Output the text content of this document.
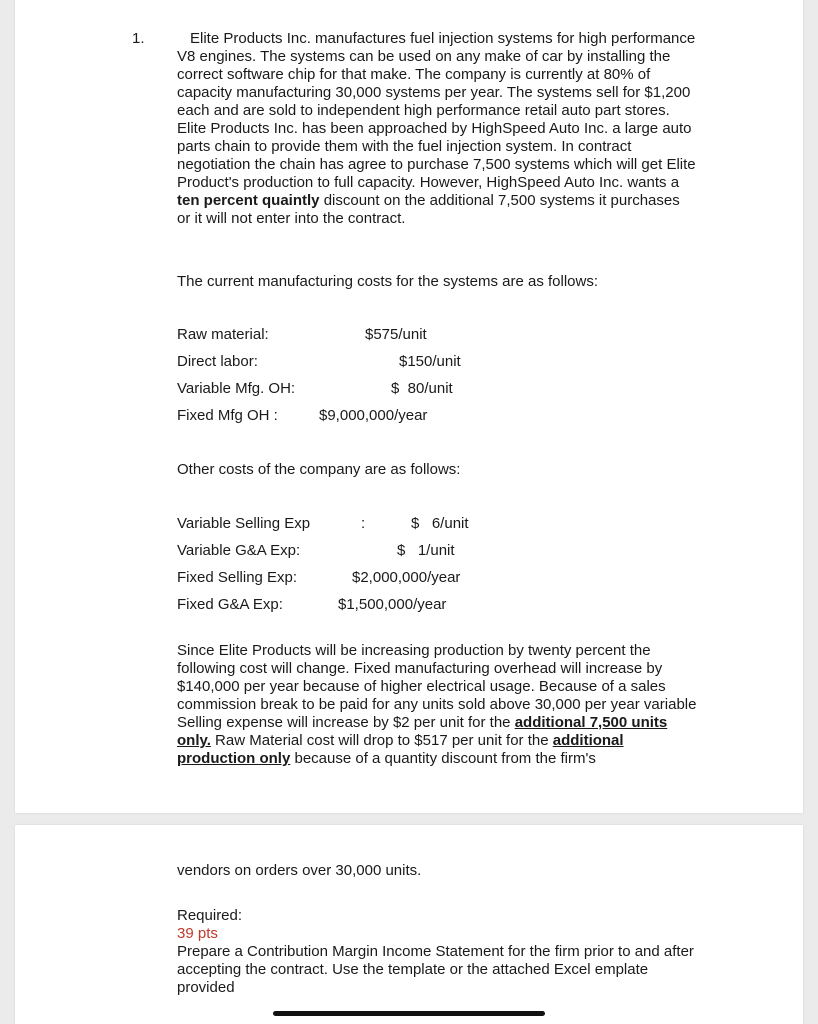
1.	Elite Products Inc. manufactures fuel injection systems for high performance V8 engines. The systems can be used on any make of car by installing the correct software chip for that make. The company is currently at 80% of capacity manufacturing 30,000 systems per year. The systems sell for $1,200 each and are sold to independent high performance retail auto part stores. Elite Products Inc. has been approached by HighSpeed Auto Inc. a large auto parts chain to provide them with the fuel injection system. In contract negotiation the chain has agree to purchase 7,500 systems which will get Elite Product's production to full capacity. However, HighSpeed Auto Inc. wants a ten percent quaintly discount on the additional 7,500 systems it purchases or it will not enter into the contract.

The current manufacturing costs for the systems are as follows:

Raw material:	$575/unit
Direct labor:	$150/unit
Variable Mfg. OH:	$  80/unit
Fixed Mfg OH :	$9,000,000/year

Other costs of the company are as follows:

Variable Selling Exp	:	$   6/unit
Variable G&A Exp:	$   1/unit
Fixed Selling Exp:	$2,000,000/year
Fixed G&A Exp:	$1,500,000/year

Since Elite Products will be increasing production by twenty percent the following cost will change. Fixed manufacturing overhead will increase by $140,000 per year because of higher electrical usage. Because of a sales commission break to be paid for any units sold above 30,000 per year variable Selling expense will increase by $2 per unit for the additional 7,500 units only. Raw Material cost will drop to $517 per unit for the additional production only because of a quantity discount from the firm's

vendors on orders over 30,000 units.

Required:
39 pts
Prepare a Contribution Margin Income Statement for the firm prior to and after accepting the contract. Use the template or the attached Excel emplate provided
